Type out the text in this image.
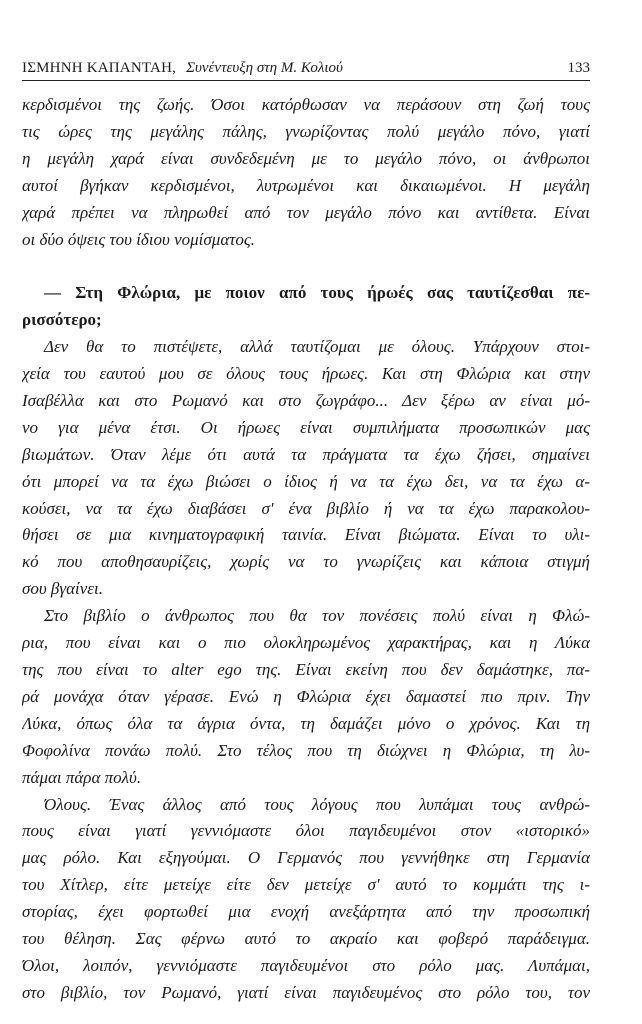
ΙΣΜΗΝΗ ΚΑΠΑΝΤΑΗ, Συνέντευξη στη Μ. Κολιού	133
κερδισμένοι της ζωής. Όσοι κατόρθωσαν να περάσουν στη ζωή τους
τις ώρες της μεγάλης πάλης, γνωρίζοντας πολύ μεγάλο πόνο, γιατί
η μεγάλη χαρά είναι συνδεδεμένη με το μεγάλο πόνο, οι άνθρωποι
αυτοί βγήκαν κερδισμένοι, λυτρωμένοι και δικαιωμένοι. Η μεγάλη
χαρά πρέπει να πληρωθεί από τον μεγάλο πόνο και αντίθετα. Είναι
οι δύο όψεις του ίδιου νομίσματος.
— Στη Φλώρια, με ποιον από τους ήρωές σας ταυτίζεσθαι πε-
ρισσότερο;
Δεν θα το πιστέψετε, αλλά ταυτίζομαι με όλους. Υπάρχουν στοι-
χεία του εαυτού μου σε όλους τους ήρωες. Και στη Φλώρια και στην
Ισαβέλλα και στο Ρωμανό και στο ζωγράφο... Δεν ξέρω αν είναι μό-
νο για μένα έτσι. Οι ήρωες είναι συμπιλήματα προσωπικών μας
βιωμάτων. Όταν λέμε ότι αυτά τα πράγματα τα έχω ζήσει, σημαίνει
ότι μπορεί να τα έχω βιώσει ο ίδιος ή να τα έχω δει, να τα έχω α-
κούσει, να τα έχω διαβάσει σ' ένα βιβλίο ή να τα έχω παρακολου-
θήσει σε μια κινηματογραφική ταινία. Είναι βιώματα. Είναι το υλι-
κό που αποθησαυρίζεις, χωρίς να το γνωρίζεις και κάποια στιγμή
σου βγαίνει.
Στο βιβλίο ο άνθρωπος που θα τον πονέσεις πολύ είναι η Φλώ-
ρια, που είναι και ο πιο ολοκληρωμένος χαρακτήρας, και η Λύκα
της που είναι το alter ego της. Είναι εκείνη που δεν δαμάστηκε, πα-
ρά μονάχα όταν γέρασε. Ενώ η Φλώρια έχει δαμαστεί πιο πριν. Την
Λύκα, όπως όλα τα άγρια όντα, τη δαμάζει μόνο ο χρόνος. Και τη
Φοφολίνα πονάω πολύ. Στο τέλος που τη διώχνει η Φλώρια, τη λυ-
πάμαι πάρα πολύ.
Όλους. Ένας άλλος από τους λόγους που λυπάμαι τους ανθρώ-
πους είναι γιατί γεννιόμαστε όλοι παγιδευμένοι στον «ιστορικό»
μας ρόλο. Και εξηγούμαι. Ο Γερμανός που γεννήθηκε στη Γερμανία
του Χίτλερ, είτε μετείχε είτε δεν μετείχε σ' αυτό το κομμάτι της ι-
στορίας, έχει φορτωθεί μια ενοχή ανεξάρτητα από την προσωπική
του θέληση. Σας φέρνω αυτό το ακραίο και φοβερό παράδειγμα.
Όλοι, λοιπόν, γεννιόμαστε παγιδευμένοι στο ρόλο μας. Λυπάμαι,
στο βιβλίο, τον Ρωμανό, γιατί είναι παγιδευμένος στο ρόλο του, τον
